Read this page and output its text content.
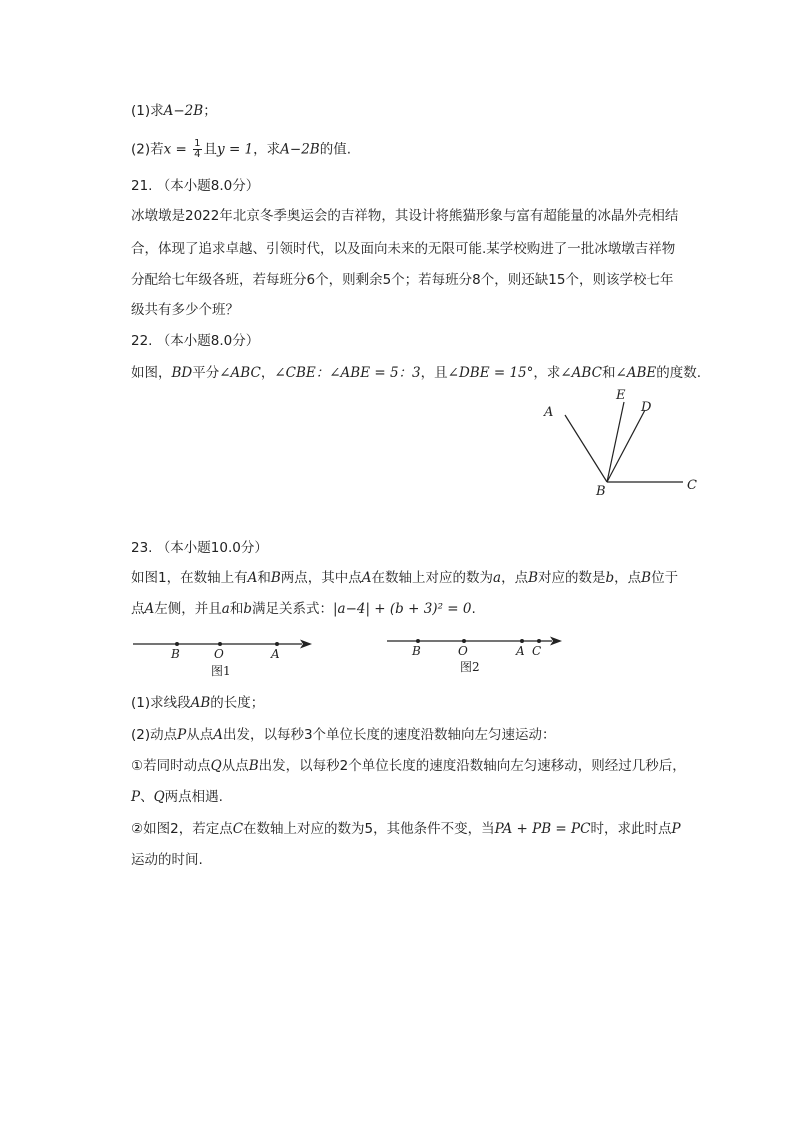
(1)求A−2B；
(2)若$x = \frac{1}{4}$ 且y = 1，求A−2B的值.
21. （本小题8.0分）
冰墩墩是2022年北京冬季奥运会的吉祥物，其设计将熊猫形象与富有超能量的冰晶外壳相结
合，体现了追求卓越、引领时代，以及面向未来的无限可能.某学校购进了一批冰墩墩吉祥物
分配给七年级各班，若每班分6个，则剩余5个；若每班分8个，则还缺15个，则该学校七年
级共有多少个班？
22. （本小题8.0分）
如图，BD平分∠ABC，∠CBE：∠ABE = 5：3，且∠DBE = 15°，求∠ABC和∠ABE的度数.
A
E
D
B	C
23. （本小题10.0分）
如图1，在数轴上有A和B两点，其中点A在数轴上对应的数为a，点B对应的数是b，点B位于
点A左侧，并且a和b满足关系式：|a−4| + (b + 3)² = 0.
B	O	A
图1
B	O	A C
图2
(1)求线段AB的长度；
(2)动点P从点A出发，以每秒3个单位长度的速度沿数轴向左匀速运动：
①若同时动点Q从点B出发，以每秒2个单位长度的速度沿数轴向左匀速移动，则经过几秒后，
P、Q两点相遇.
②如图2，若定点C在数轴上对应的数为5，其他条件不变，当PA + PB = PC时，求此时点P
运动的时间.
